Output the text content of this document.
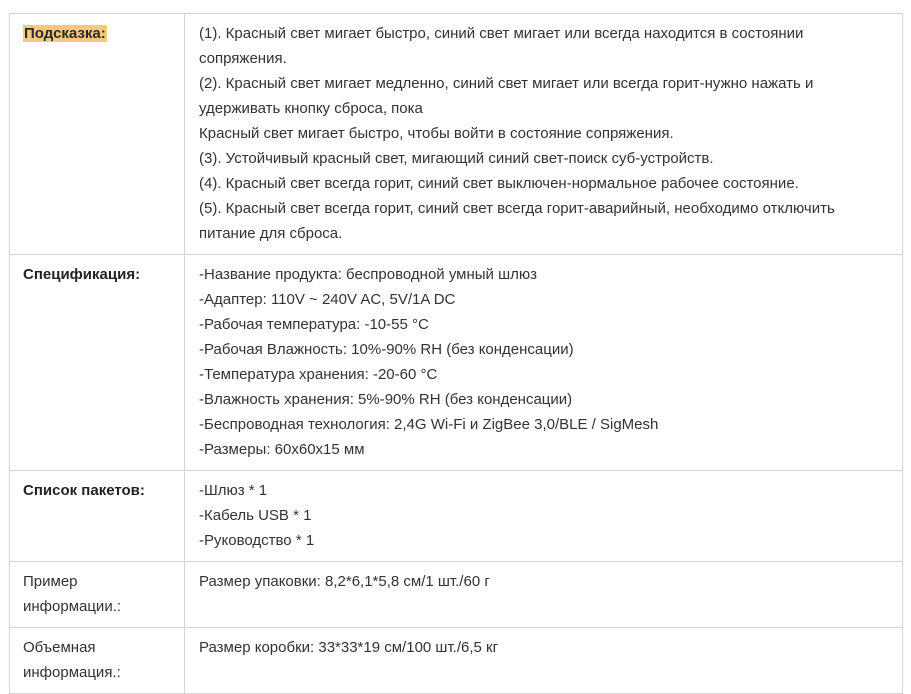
Подсказка:	(1). Красный свет мигает быстро, синий свет мигает или всегда находится в состоянии сопряжения.
(2). Красный свет мигает медленно, синий свет мигает или всегда горит-нужно нажать и удерживать кнопку сброса, пока
Красный свет мигает быстро, чтобы войти в состояние сопряжения.
(3). Устойчивый красный свет, мигающий синий свет-поиск суб-устройств.
(4). Красный свет всегда горит, синий свет выключен-нормальное рабочее состояние.
(5). Красный свет всегда горит, синий свет всегда горит-аварийный, необходимо отключить питание для сброса.

Спецификация:	-Название продукта: беспроводной умный шлюз
-Адаптер: 110V ~ 240V AC, 5V/1A DC
-Рабочая температура: -10-55 °C
-Рабочая Влажность: 10%-90% RH (без конденсации)
-Температура хранения: -20-60 °C
-Влажность хранения: 5%-90% RH (без конденсации)
-Беспроводная технология: 2,4G Wi-Fi и ZigBee 3,0/BLE / SigMesh
-Размеры: 60x60x15 мм

Список пакетов:	-Шлюз * 1
-Кабель USB * 1
-Руководство * 1

Пример информации.:	Размер упаковки: 8,2*6,1*5,8 см/1 шт./60 г

Объемная информация.:	Размер коробки: 33*33*19 см/100 шт./6,5 кг
